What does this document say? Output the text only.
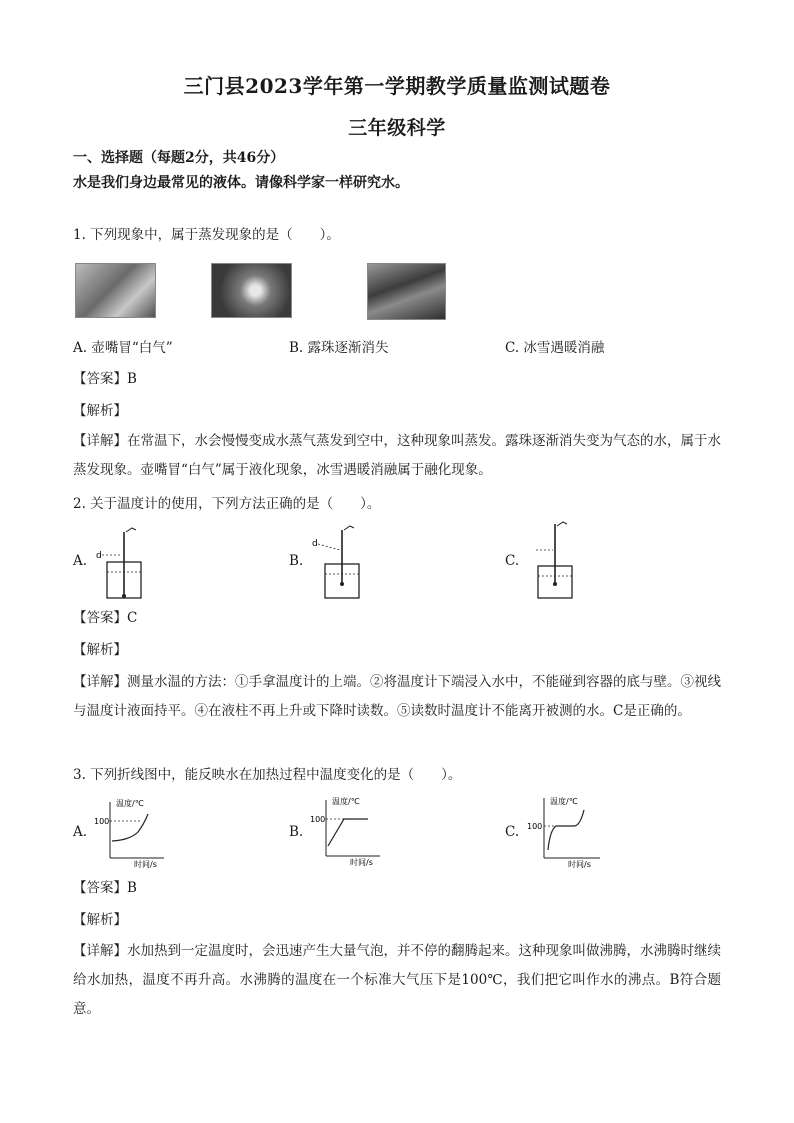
三门县2023学年第一学期教学质量监测试题卷
三年级科学
一、选择题（每题2分，共46分）
水是我们身边最常见的液体。请像科学家一样研究水。
1. 下列现象中，属于蒸发现象的是（　　）。
A. 壶嘴冒“白气”	B. 露珠逐渐消失	C. 冰雪遇暖消融
【答案】B
【解析】
【详解】在常温下，水会慢慢变成水蒸气蒸发到空中，这种现象叫蒸发。露珠逐渐消失变为气态的水，属于水蒸发现象。壶嘴冒“白气”属于液化现象，冰雪遇暖消融属于融化现象。
2. 关于温度计的使用，下列方法正确的是（　　）。
A. d	B.
d
C.
【答案】C
【解析】
【详解】测量水温的方法：①手拿温度计的上端。②将温度计下端浸入水中，不能碰到容器的底与壁。③视线与温度计液面持平。④在液柱不再上升或下降时读数。⑤读数时温度计不能离开被测的水。C是正确的。
3. 下列折线图中，能反映水在加热过程中温度变化的是（　　）。
A.
温度/℃
时间/s
100
B.
温度/℃
时间/s
100
C.
温度/℃
时间/s
100
【答案】B
【解析】
【详解】水加热到一定温度时，会迅速产生大量气泡，并不停的翻腾起来。这种现象叫做沸腾，水沸腾时继续给水加热，温度不再升高。水沸腾的温度在一个标准大气压下是100℃，我们把它叫作水的沸点。B符合题意。
